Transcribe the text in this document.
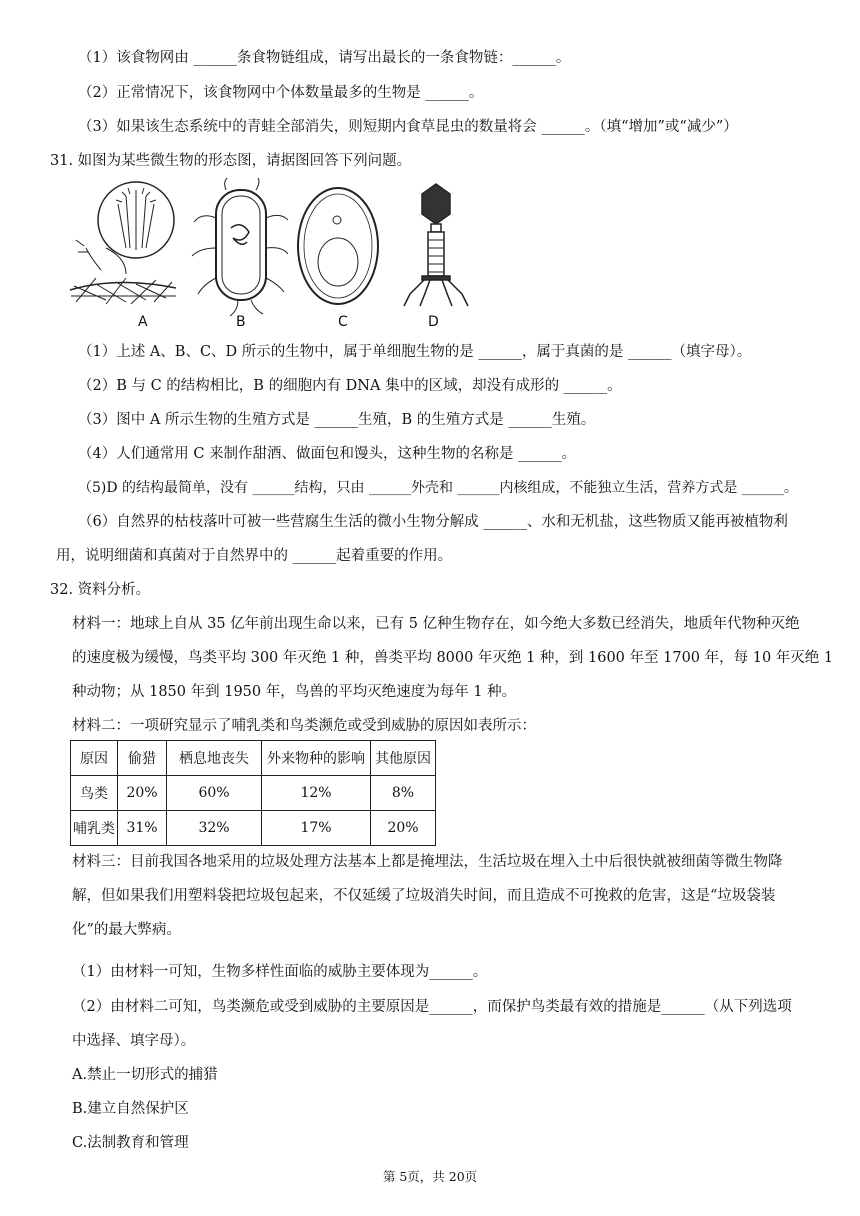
（1）该食物网由 ______条食物链组成，请写出最长的一条食物链：______。
（2）正常情况下，该食物网中个体数量最多的生物是 ______。
（3）如果该生态系统中的青蛙全部消失，则短期内食草昆虫的数量将会 ______。（填“增加”或“减少”）
31. 如图为某些微生物的形态图，请据图回答下列问题。
A	B	C	D
（1）上述 A、B、C、D 所示的生物中，属于单细胞生物的是 ______，属于真菌的是 ______（填字母）。
（2）B 与 C 的结构相比，B 的细胞内有 DNA 集中的区域，却没有成形的 ______。
（3）图中 A 所示生物的生殖方式是 ______生殖，B 的生殖方式是 ______生殖。
（4）人们通常用 C 来制作甜酒、做面包和馒头，这种生物的名称是 ______。
（5)D 的结构最简单，没有 ______结构，只由 ______外壳和 ______内核组成，不能独立生活，营养方式是 ______。
（6）自然界的枯枝落叶可被一些营腐生生活的微小生物分解成 ______、水和无机盐，这些物质又能再被植物利
用，说明细菌和真菌对于自然界中的 ______起着重要的作用。
32. 资料分析。
材料一：地球上自从 35 亿年前出现生命以来，已有 5 亿种生物存在，如今绝大多数已经消失，地质年代物种灭绝
的速度极为缓慢，鸟类平均 300 年灭绝 1 种，兽类平均 8000 年灭绝 1 种，到 1600 年至 1700 年，每 10 年灭绝 1
种动物；从 1850 年到 1950 年，鸟兽的平均灭绝速度为每年 1 种。
材料二：一项研究显示了哺乳类和鸟类濒危或受到威胁的原因如表所示：
原因	偷猎	栖息地丧失	外来物种的影响	其他原因
鸟类	20%	60%	12%	8%
哺乳类	31%	32%	17%	20%
材料三：目前我国各地采用的垃圾处理方法基本上都是掩埋法，生活垃圾在埋入土中后很快就被细菌等微生物降
解，但如果我们用塑料袋把垃圾包起来，不仅延缓了垃圾消失时间，而且造成不可挽救的危害，这是“垃圾袋装
化”的最大弊病。
（1）由材料一可知，生物多样性面临的威胁主要体现为______。
（2）由材料二可知，鸟类濒危或受到威胁的主要原因是______，而保护鸟类最有效的措施是______（从下列选项
中选择、填字母）。
A.禁止一切形式的捕猎
B.建立自然保护区
C.法制教育和管理
第 5页，共 20页
